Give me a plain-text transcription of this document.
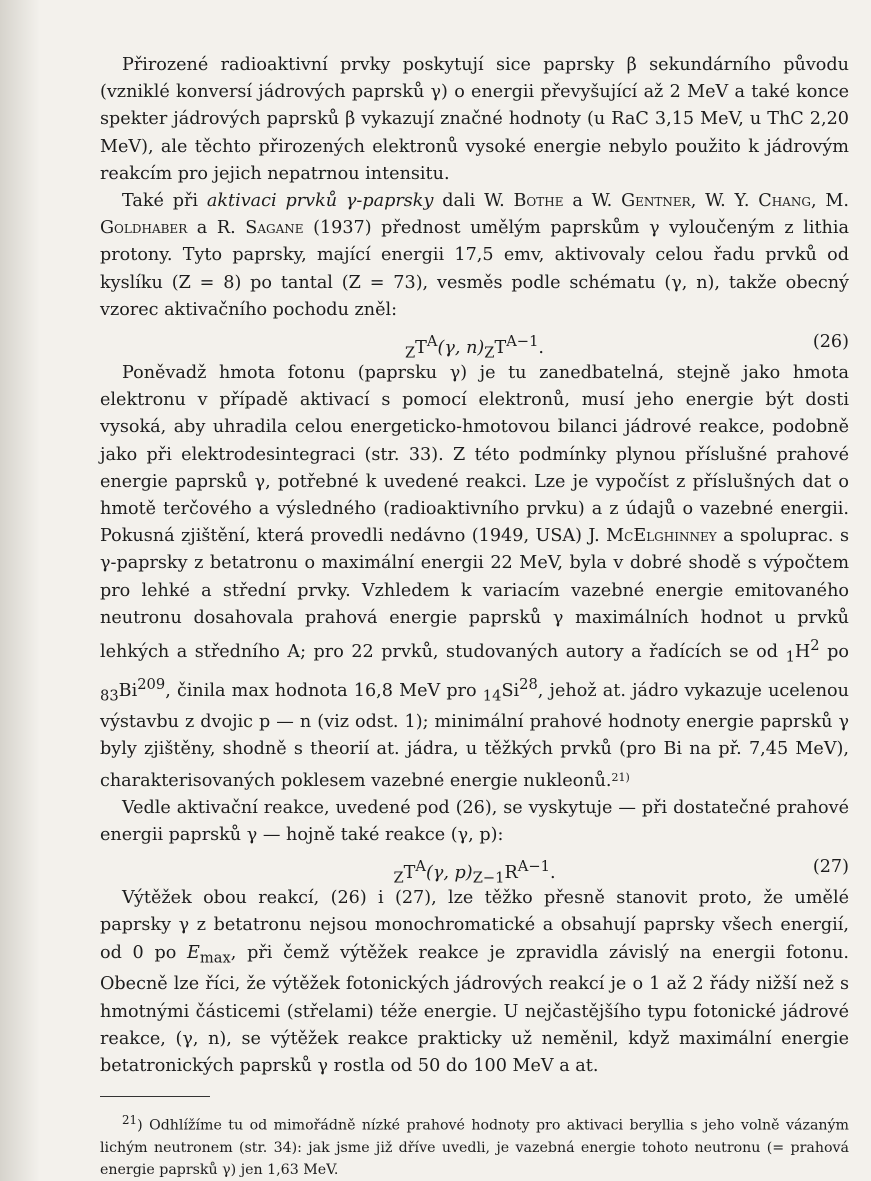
Přirozené radioaktivní prvky poskytují sice paprsky β sekundárního původu (vzniklé konversí jádrových paprsků γ) o energii převyšující až 2 MeV a také konce spekter jádrových paprsků β vykazují značné hodnoty (u RaC 3,15 MeV, u ThC 2,20 MeV), ale těchto přirozených elektronů vysoké energie nebylo použito k jádrovým reakcím pro jejich nepatrnou intensitu.

Také při aktivaci prvků γ-paprsky dali W. Bothe a W. Gentner, W. Y. Chang, M. Goldhaber a R. Sagane (1937) přednost umělým paprskům γ vyloučeným z lithia protony. Tyto paprsky, mající energii 17,5 emv, aktivovaly celou řadu prvků od kyslíku (Z = 8) po tantal (Z = 73), vesměs podle schématu (γ, n), takže obecný vzorec aktivačního pochodu zněl:

$_ZT^A(\gamma$, $n)_ZT^{A-1}$.	(26)

Poněvadž hmota fotonu (paprsku γ) je tu zanedbatelná, stejně jako hmota elektronu v případě aktivací s pomocí elektronů, musí jeho energie být dosti vysoká, aby uhradila celou energeticko-hmotovou bilanci jádrové reakce, podobně jako při elektrodesintegraci (str. 33). Z této podmínky plynou příslušné prahové energie paprsků γ, potřebné k uvedené reakci. Lze je vypočíst z příslušných dat o hmotě terčového a výsledného (radioaktivního prvku) a z údajů o vazebné energii. Pokusná zjištění, která provedli nedávno (1949, USA) J. McElghinney a spoluprac. s γ-paprsky z betatronu o maximální energii 22 MeV, byla v dobré shodě s výpočtem pro lehké a střední prvky. Vzhledem k variacím vazebné energie emitovaného neutronu dosahovala prahová energie paprsků γ maximálních hodnot u prvků lehkých a středního A; pro 22 prvků, studovaných autory a řadících se od $_1H^2$ po $_{83}Bi^{209}$, činila max hodnota 16,8 MeV pro $_{14}Si^{28}$, jehož at. jádro vykazuje ucelenou výstavbu z dvojic p — n (viz odst. 1); minimální prahové hodnoty energie paprsků γ byly zjištěny, shodně s theorií at. jádra, u těžkých prvků (pro Bi na př. 7,45 MeV), charakterisovaných poklesem vazebné energie nukleonů.$^{21)}$

Vedle aktivační reakce, uvedené pod (26), se vyskytuje — při dostatečné prahové energii paprsků γ — hojně také reakce (γ, p):

$_ZT^A(\gamma$, $p)_{Z-1}R^{A-1}$.	(27)

Výtěžek obou reakcí, (26) i (27), lze těžko přesně stanovit proto, že umělé paprsky γ z betatronu nejsou monochromatické a obsahují paprsky všech energií, od 0 po $E_{max}$, při čemž výtěžek reakce je zpravidla závislý na energii fotonu. Obecně lze říci, že výtěžek fotonických jádrových reakcí je o 1 až 2 řády nižší než s hmotnými částicemi (střelami) téže energie. U nejčastějšího typu fotonické jádrové reakce, (γ, n), se výtěžek reakce prakticky už neměnil, když maximální energie betatronických paprsků γ rostla od 50 do 100 MeV a at.

$^{21}$) Odhlížíme tu od mimořádně nízké prahové hodnoty pro aktivaci beryllia s jeho volně vázaným lichým neutronem (str. 34): jak jsme již dříve uvedli, je vazebná energie tohoto neutronu (= prahová energie paprsků γ) jen 1,63 MeV.
